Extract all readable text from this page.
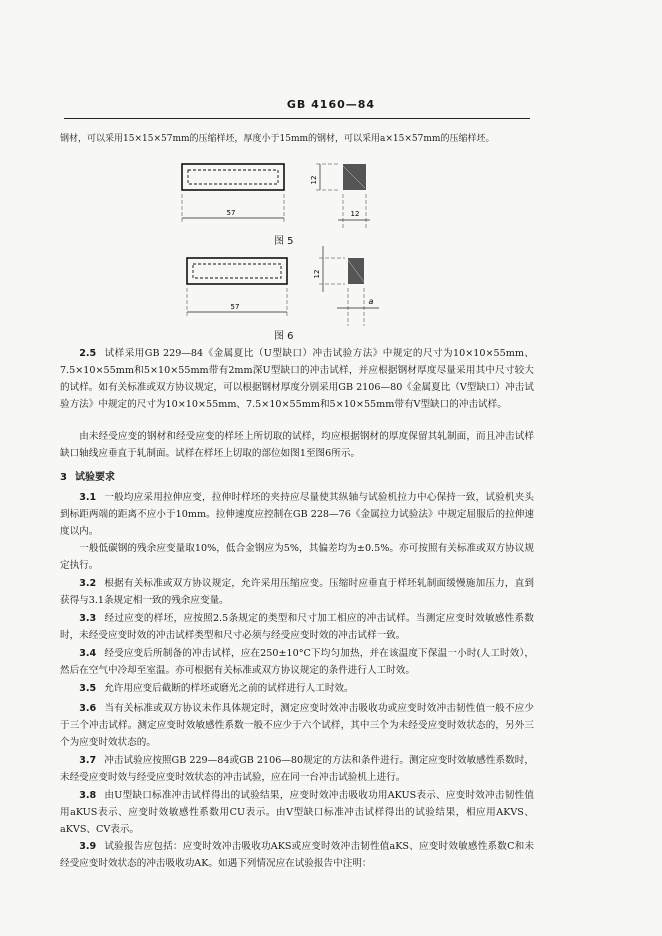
GB 4160—84

钢材，可以采用15×15×57mm的压缩样坯，厚度小于15mm的钢材，可以采用a×15×57mm的压缩样坯。

57
12
12
图 5
57
12
a
图 6

2.5 试样采用GB 229—84《金属夏比（U型缺口）冲击试验方法》中规定的尺寸为10×10×55mm、7.5×10×55mm和5×10×55mm带有2mm深U型缺口的冲击试样，并应根据钢材厚度尽量采用其中尺寸较大的试样。如有关标准或双方协议规定，可以根据钢材厚度分别采用GB 2106—80《金属夏比（V型缺口）冲击试验方法》中规定的尺寸为10×10×55mm、7.5×10×55mm和5×10×55mm带有V型缺口的冲击试样。

由未经受应变的钢材和经受应变的样坯上所切取的试样，均应根据钢材的厚度保留其轧制面，而且冲击试样缺口轴线应垂直于轧制面。试样在样坯上切取的部位如图1至图6所示。

3 试验要求

3.1 一般均应采用拉伸应变，拉伸时样坯的夹持应尽量使其纵轴与试验机拉力中心保持一致，试验机夹头到标距两端的距离不应小于10mm。拉伸速度应控制在GB 228—76《金属拉力试验法》中规定屈服后的拉伸速度以内。

一般低碳钢的残余应变量取10%，低合金钢应为5%，其偏差均为±0.5%。亦可按照有关标准或双方协议规定执行。

3.2 根据有关标准或双方协议规定，允许采用压缩应变。压缩时应垂直于样坯轧制面缓慢施加压力，直到获得与3.1条规定相一致的残余应变量。

3.3 经过应变的样坯，应按照2.5条规定的类型和尺寸加工相应的冲击试样。当测定应变时效敏感性系数时，未经受应变时效的冲击试样类型和尺寸必须与经受应变时效的冲击试样一致。

3.4 经受应变后所制备的冲击试样，应在250±10°C下均匀加热，并在该温度下保温一小时(人工时效），然后在空气中冷却至室温。亦可根据有关标准或双方协议规定的条件进行人工时效。

3.5 允许用应变后截断的样坯或磨光之前的试样进行人工时效。

3.6 当有关标准或双方协议未作具体规定时，测定应变时效冲击吸收功或应变时效冲击韧性值一般不应少于三个冲击试样。测定应变时效敏感性系数一般不应少于六个试样，其中三个为未经受应变时效状态的，另外三个为应变时效状态的。

3.7 冲击试验应按照GB 229—84或GB 2106—80规定的方法和条件进行。测定应变时效敏感性系数时，未经受应变时效与经受应变时效状态的冲击试验，应在同一台冲击试验机上进行。

3.8 由U型缺口标准冲击试样得出的试验结果，应变时效冲击吸收功用AKUS表示、应变时效冲击韧性值用aKUS表示、应变时效敏感性系数用CU表示。由V型缺口标准冲击试样得出的试验结果，相应用AKVS、aKVS、CV表示。

3.9 试验报告应包括：应变时效冲击吸收功AKS或应变时效冲击韧性值aKS、应变时效敏感性系数C和未经受应变时效状态的冲击吸收功AK。如遇下列情况应在试验报告中注明：
